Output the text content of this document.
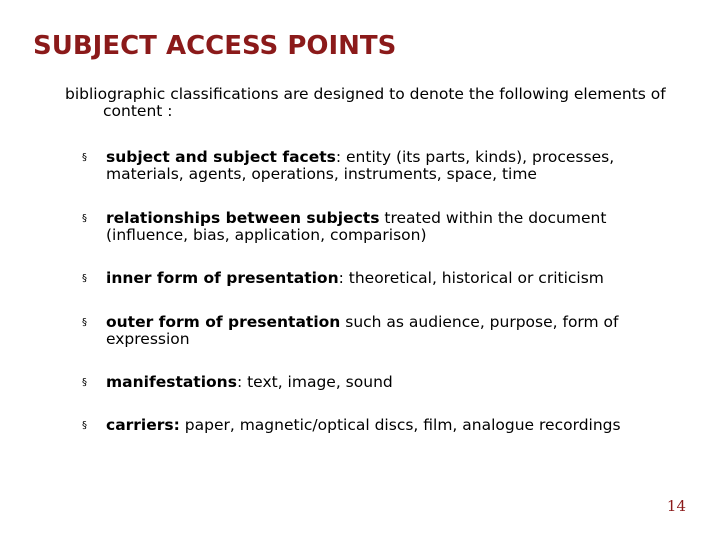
SUBJECT ACCESS POINTS
bibliographic classifications are designed to denote the following elements of content :
§ subject and subject facets: entity (its parts, kinds), processes, materials, agents, operations, instruments, space, time
§ relationships between subjects treated within the document (influence, bias, application, comparison)
§ inner form of presentation: theoretical, historical or criticism
§ outer form of presentation such as audience, purpose, form of expression
§ manifestations: text, image, sound
§ carriers: paper, magnetic/optical discs, film, analogue recordings
14
